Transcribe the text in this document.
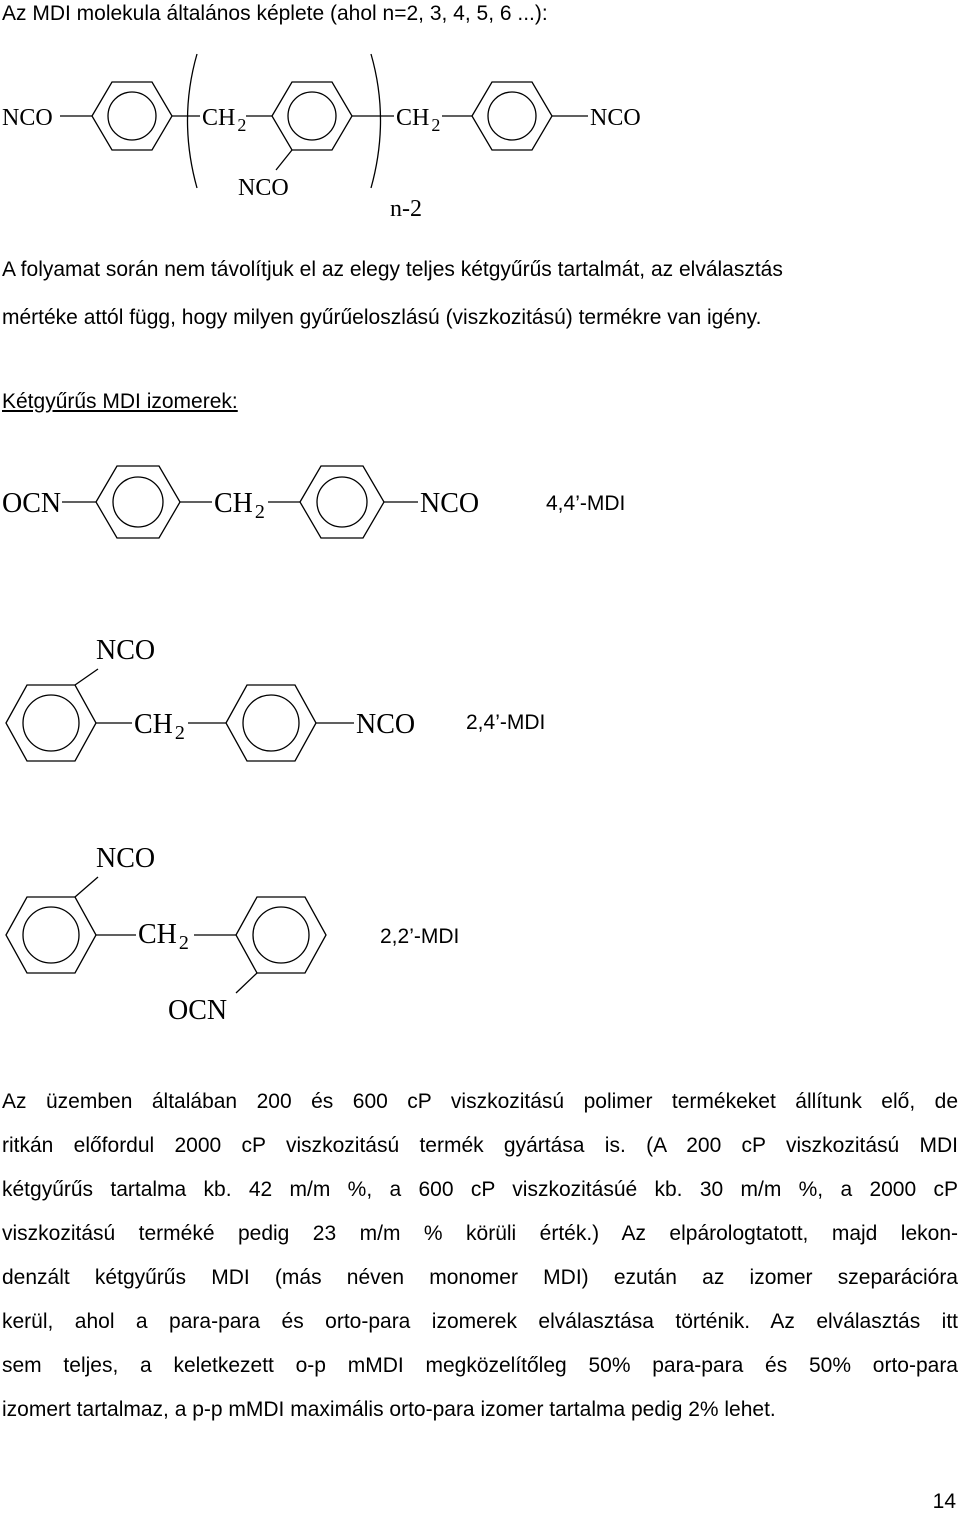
Az MDI molekula általános képlete (ahol n=2, 3, 4, 5, 6 ...):

NCO	CH $_2$
NCO
CH $_2$
n-2
NCO

A folyamat során nem távolítjuk el az elegy teljes kétgyűrűs tartalmát, az elválasztás

mértéke attól függ, hogy milyen gyűrűeloszlású (viszkozitású) termékre van igény.

Kétgyűrűs MDI izomerek:

OCN	CH $_2$	NCO	4,4’-MDI
NCO
CH $_2$	NCO 2,4’-MDI
NCO
CH $_2$
OCN
2,2’-MDI

Az üzemben általában 200 és 600 cP viszkozitású polimer termékeket állítunk elő, de

ritkán előfordul 2000 cP viszkozitású termék gyártása is. (A 200 cP viszkozitású MDI

kétgyűrűs tartalma kb. 42 m/m %, a 600 cP viszkozitásúé kb. 30 m/m %, a 2000 cP

viszkozitású terméké pedig 23 m/m % körüli érték.) Az elpárologtatott, majd lekon-

denzált kétgyűrűs MDI (más néven monomer MDI) ezután az izomer szeparációra

kerül, ahol a para-para és orto-para izomerek elválasztása történik. Az elválasztás itt

sem teljes, a keletkezett o-p mMDI megközelítőleg 50% para-para és 50% orto-para

izomert tartalmaz, a p-p mMDI maximális orto-para izomer tartalma pedig 2% lehet.

14
